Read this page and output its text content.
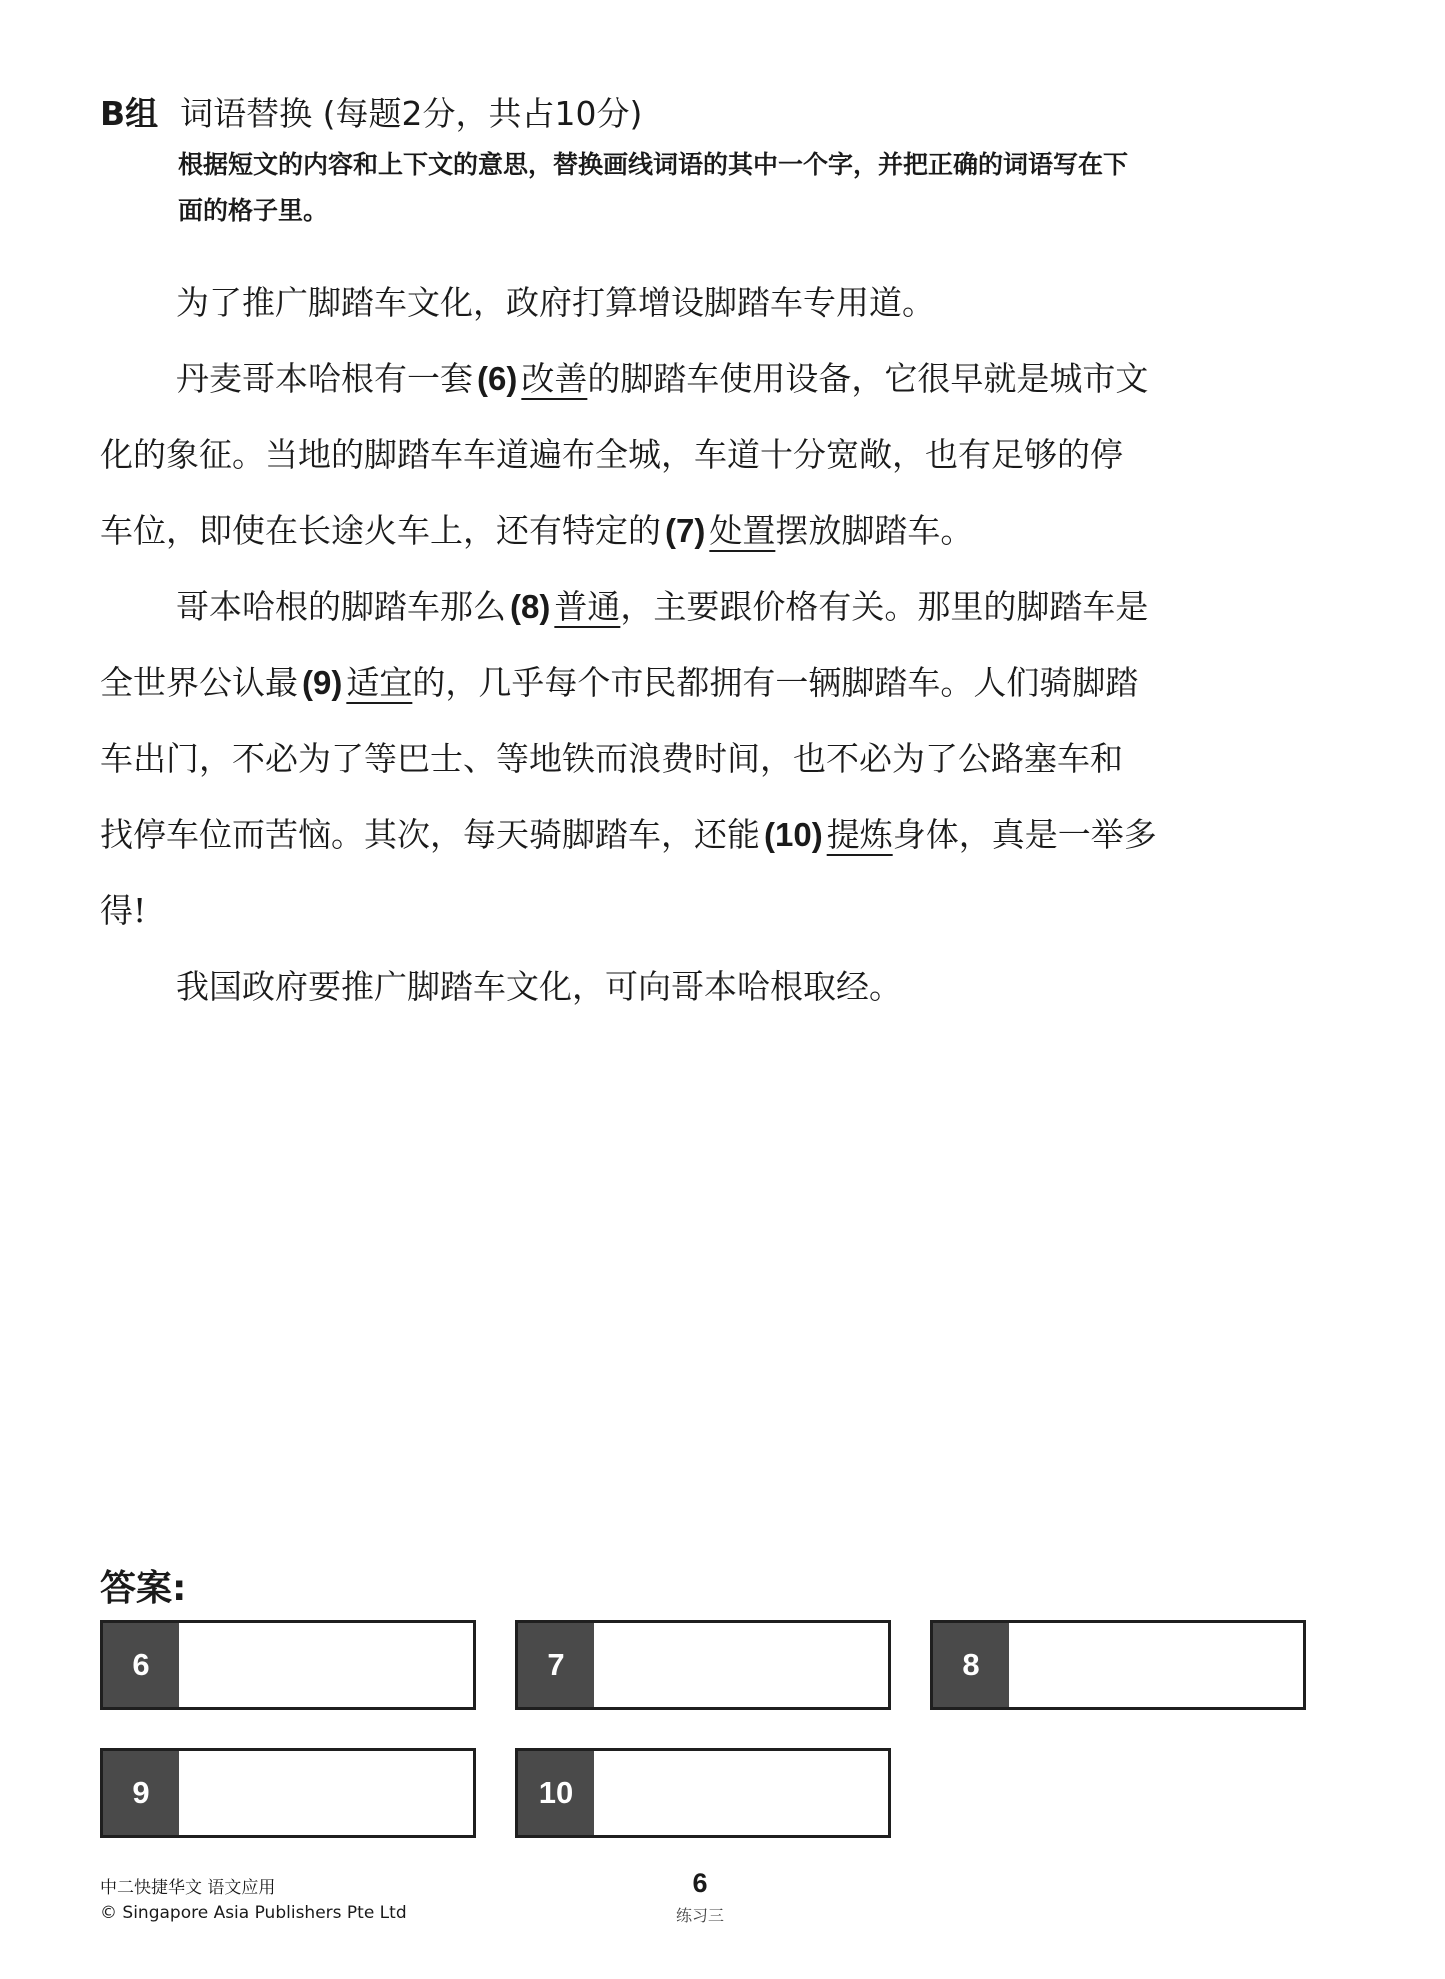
B组 词语替换 (每题2分，共占10分)
根据短文的内容和上下文的意思，替换画线词语的其中一个字，并把正确的词语写在下
面的格子里。
为了推广脚踏车文化，政府打算增设脚踏车专用道。
丹麦哥本哈根有一套 (6) 改善的脚踏车使用设备，它很早就是城市文
化的象征。当地的脚踏车车道遍布全城，车道十分宽敞，也有足够的停
车位，即使在长途火车上，还有特定的 (7) 处置摆放脚踏车。
哥本哈根的脚踏车那么 (8) 普通，主要跟价格有关。那里的脚踏车是
全世界公认最 (9) 适宜的，几乎每个市民都拥有一辆脚踏车。人们骑脚踏
车出门，不必为了等巴士、等地铁而浪费时间，也不必为了公路塞车和
找停车位而苦恼。其次，每天骑脚踏车，还能 (10) 提炼身体，真是一举多
得!
我国政府要推广脚踏车文化，可向哥本哈根取经。
答案:
6	7	8
9	10
中二快捷华文 语文应用
© Singapore Asia Publishers Pte Ltd
6
练习三
